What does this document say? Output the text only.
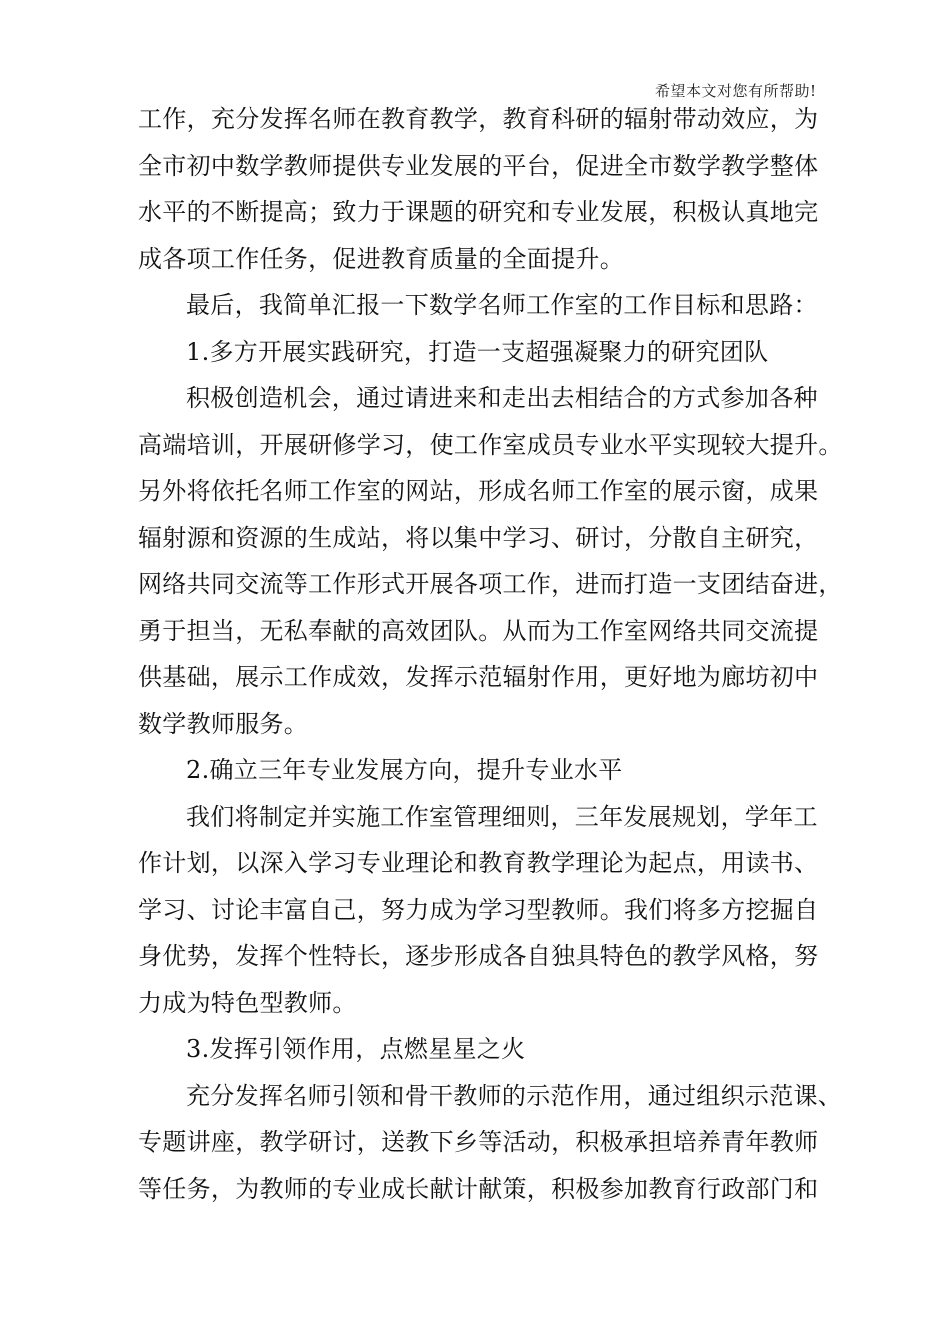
希望本文对您有所帮助!
工作，充分发挥名师在教育教学，教育科研的辐射带动效应，为
全市初中数学教师提供专业发展的平台，促进全市数学教学整体
水平的不断提高；致力于课题的研究和专业发展，积极认真地完
成各项工作任务，促进教育质量的全面提升。
最后，我简单汇报一下数学名师工作室的工作目标和思路：
1.多方开展实践研究，打造一支超强凝聚力的研究团队
积极创造机会，通过请进来和走出去相结合的方式参加各种
高端培训，开展研修学习，使工作室成员专业水平实现较大提升。
另外将依托名师工作室的网站，形成名师工作室的展示窗，成果
辐射源和资源的生成站，将以集中学习、研讨，分散自主研究，
网络共同交流等工作形式开展各项工作，进而打造一支团结奋进，
勇于担当，无私奉献的高效团队。从而为工作室网络共同交流提
供基础，展示工作成效，发挥示范辐射作用，更好地为廊坊初中
数学教师服务。
2.确立三年专业发展方向，提升专业水平
我们将制定并实施工作室管理细则，三年发展规划，学年工
作计划，以深入学习专业理论和教育教学理论为起点，用读书、
学习、讨论丰富自己，努力成为学习型教师。我们将多方挖掘自
身优势，发挥个性特长，逐步形成各自独具特色的教学风格，努
力成为特色型教师。
3.发挥引领作用，点燃星星之火
充分发挥名师引领和骨干教师的示范作用，通过组织示范课、
专题讲座，教学研讨，送教下乡等活动，积极承担培养青年教师
等任务，为教师的专业成长献计献策，积极参加教育行政部门和
